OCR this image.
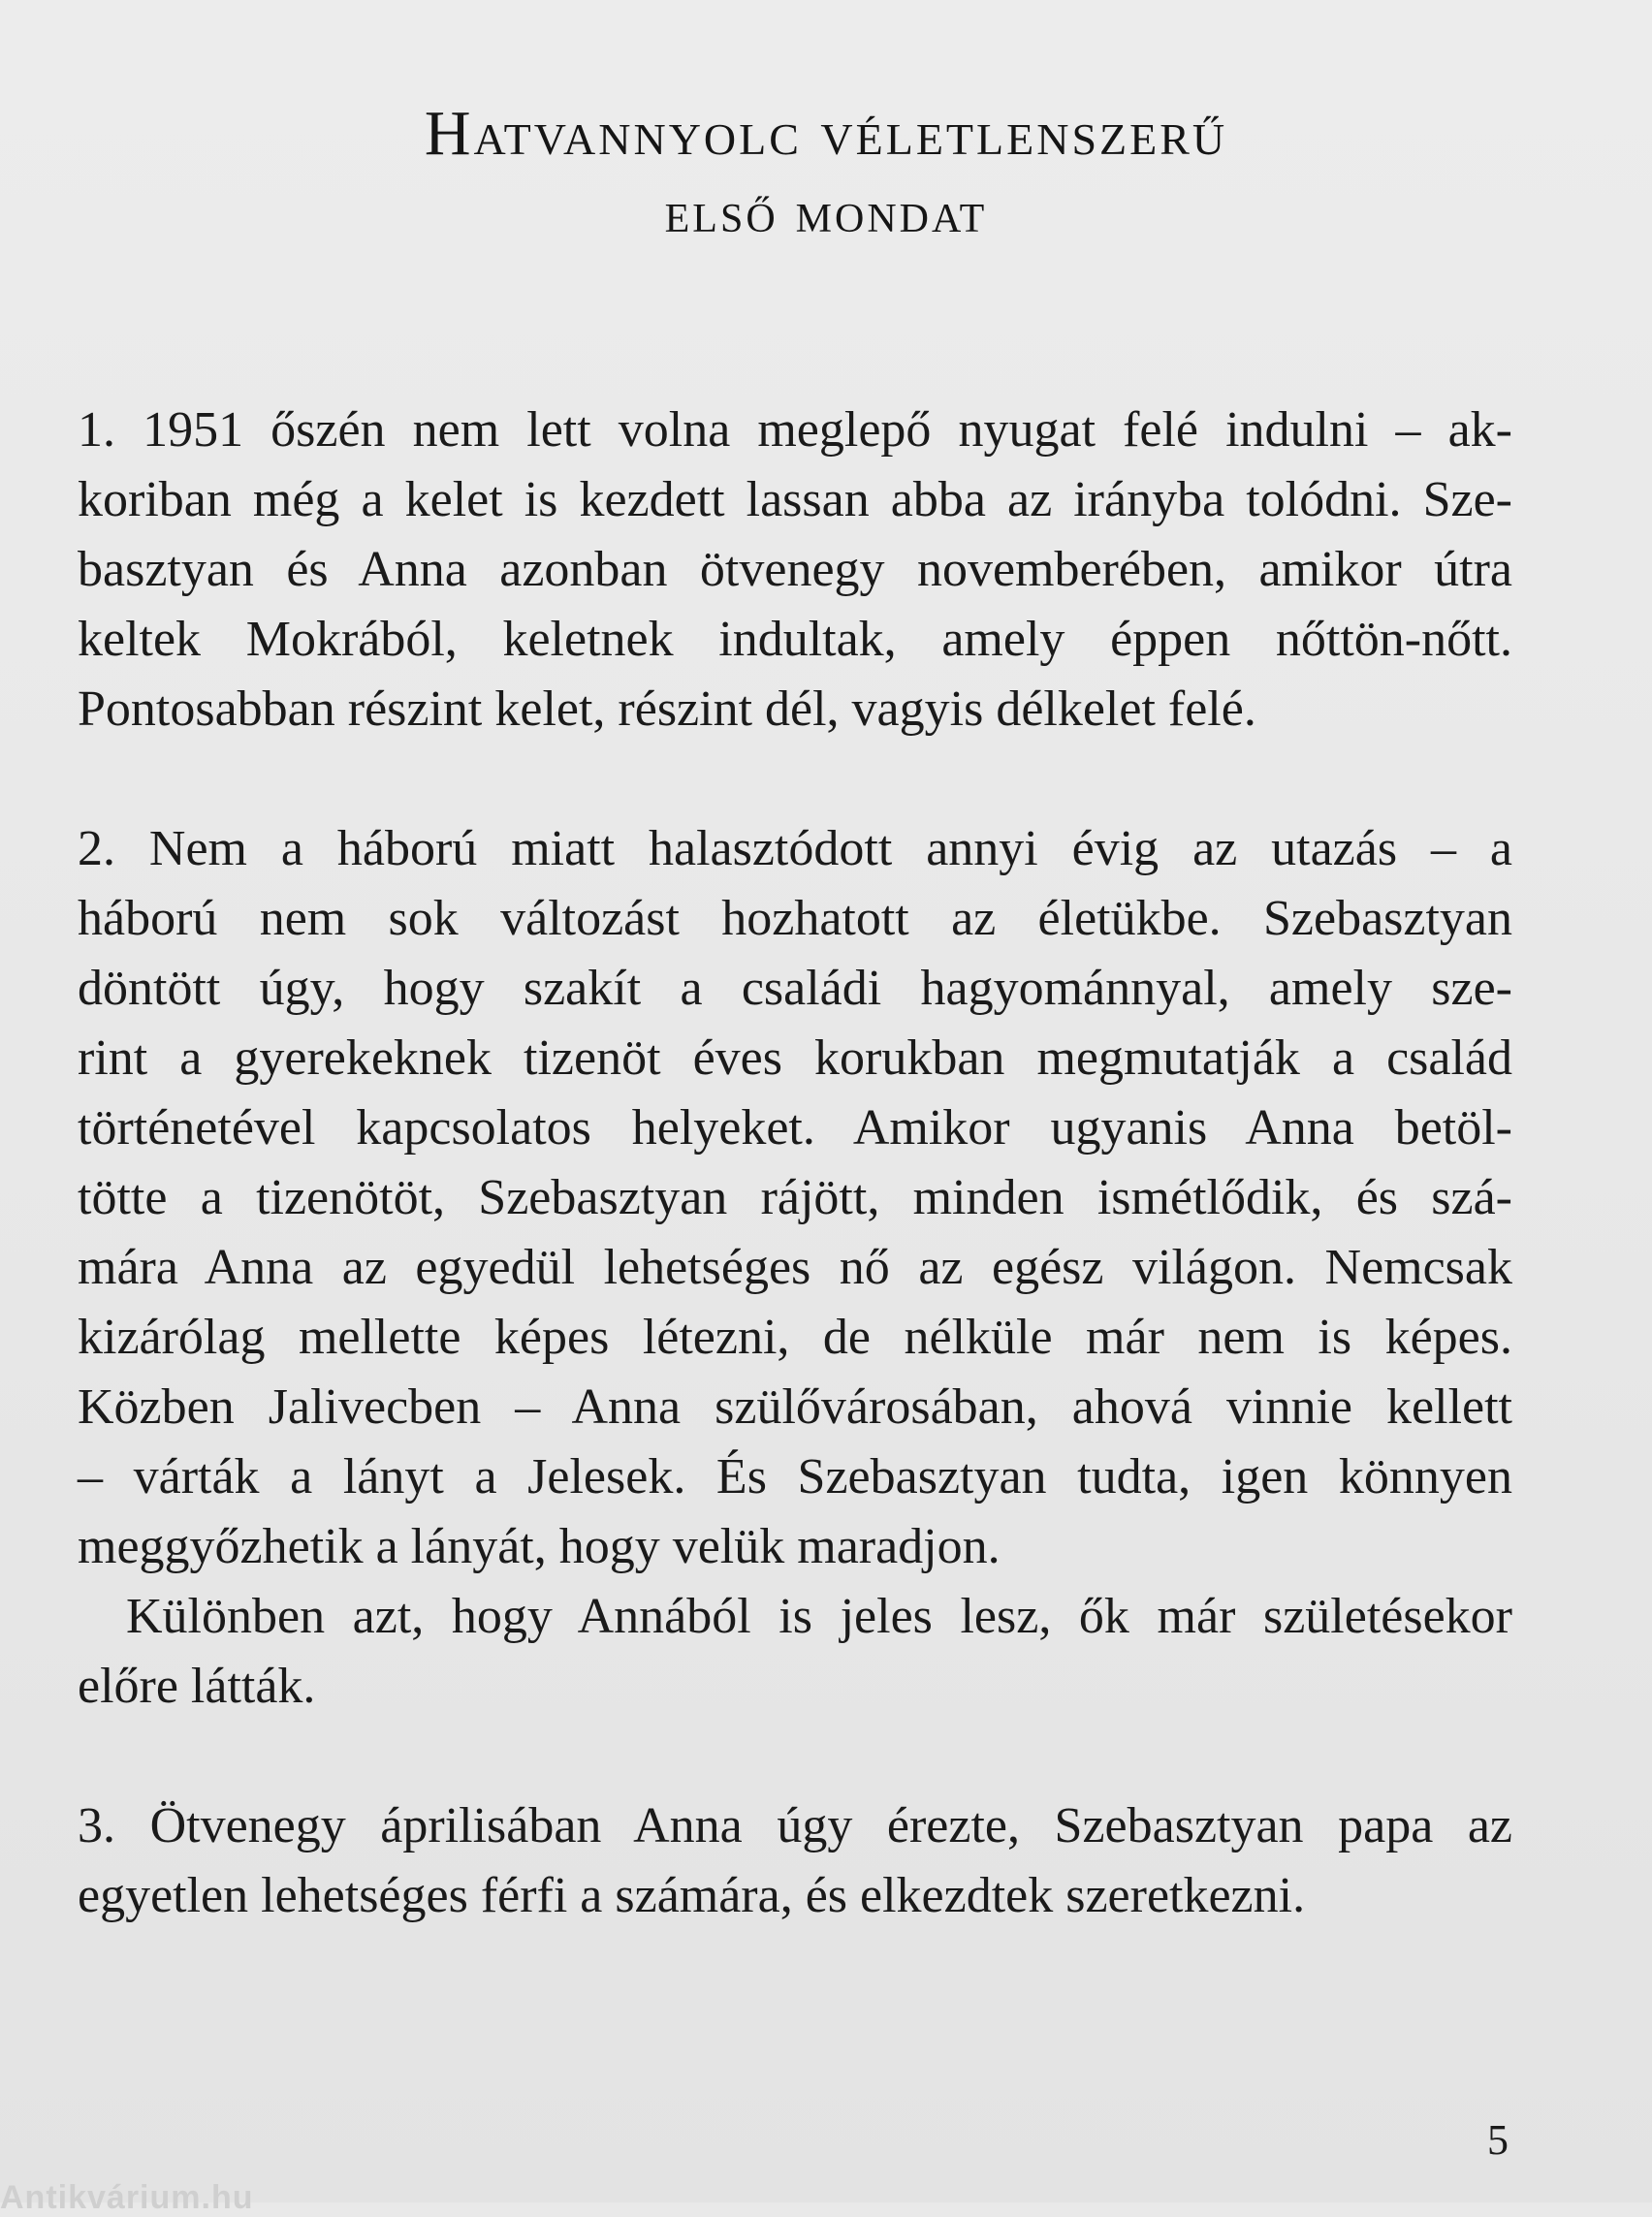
Hatvannyolc véletlenszerű
első mondat
1. 1951 őszén nem lett volna meglepő nyugat felé indulni – ak-
koriban még a kelet is kezdett lassan abba az irányba tolódni. Sze-
basztyan és Anna azonban ötvenegy novemberében, amikor útra
keltek Mokrából, keletnek indultak, amely éppen nőttön-nőtt.
Pontosabban részint kelet, részint dél, vagyis délkelet felé.
2. Nem a háború miatt halasztódott annyi évig az utazás – a
háború nem sok változást hozhatott az életükbe. Szebasztyan
döntött úgy, hogy szakít a családi hagyománnyal, amely sze-
rint a gyerekeknek tizenöt éves korukban megmutatják a család
történetével kapcsolatos helyeket. Amikor ugyanis Anna betöl-
tötte a tizenötöt, Szebasztyan rájött, minden ismétlődik, és szá-
mára Anna az egyedül lehetséges nő az egész világon. Nemcsak
kizárólag mellette képes létezni, de nélküle már nem is képes.
Közben Jalivecben – Anna szülővárosában, ahová vinnie kellett
– várták a lányt a Jelesek. És Szebasztyan tudta, igen könnyen
meggyőzhetik a lányát, hogy velük maradjon.
Különben azt, hogy Annából is jeles lesz, ők már születésekor
előre látták.
3. Ötvenegy áprilisában Anna úgy érezte, Szebasztyan papa az
egyetlen lehetséges férfi a számára, és elkezdtek szeretkezni.
5
Antikvárium.hu
